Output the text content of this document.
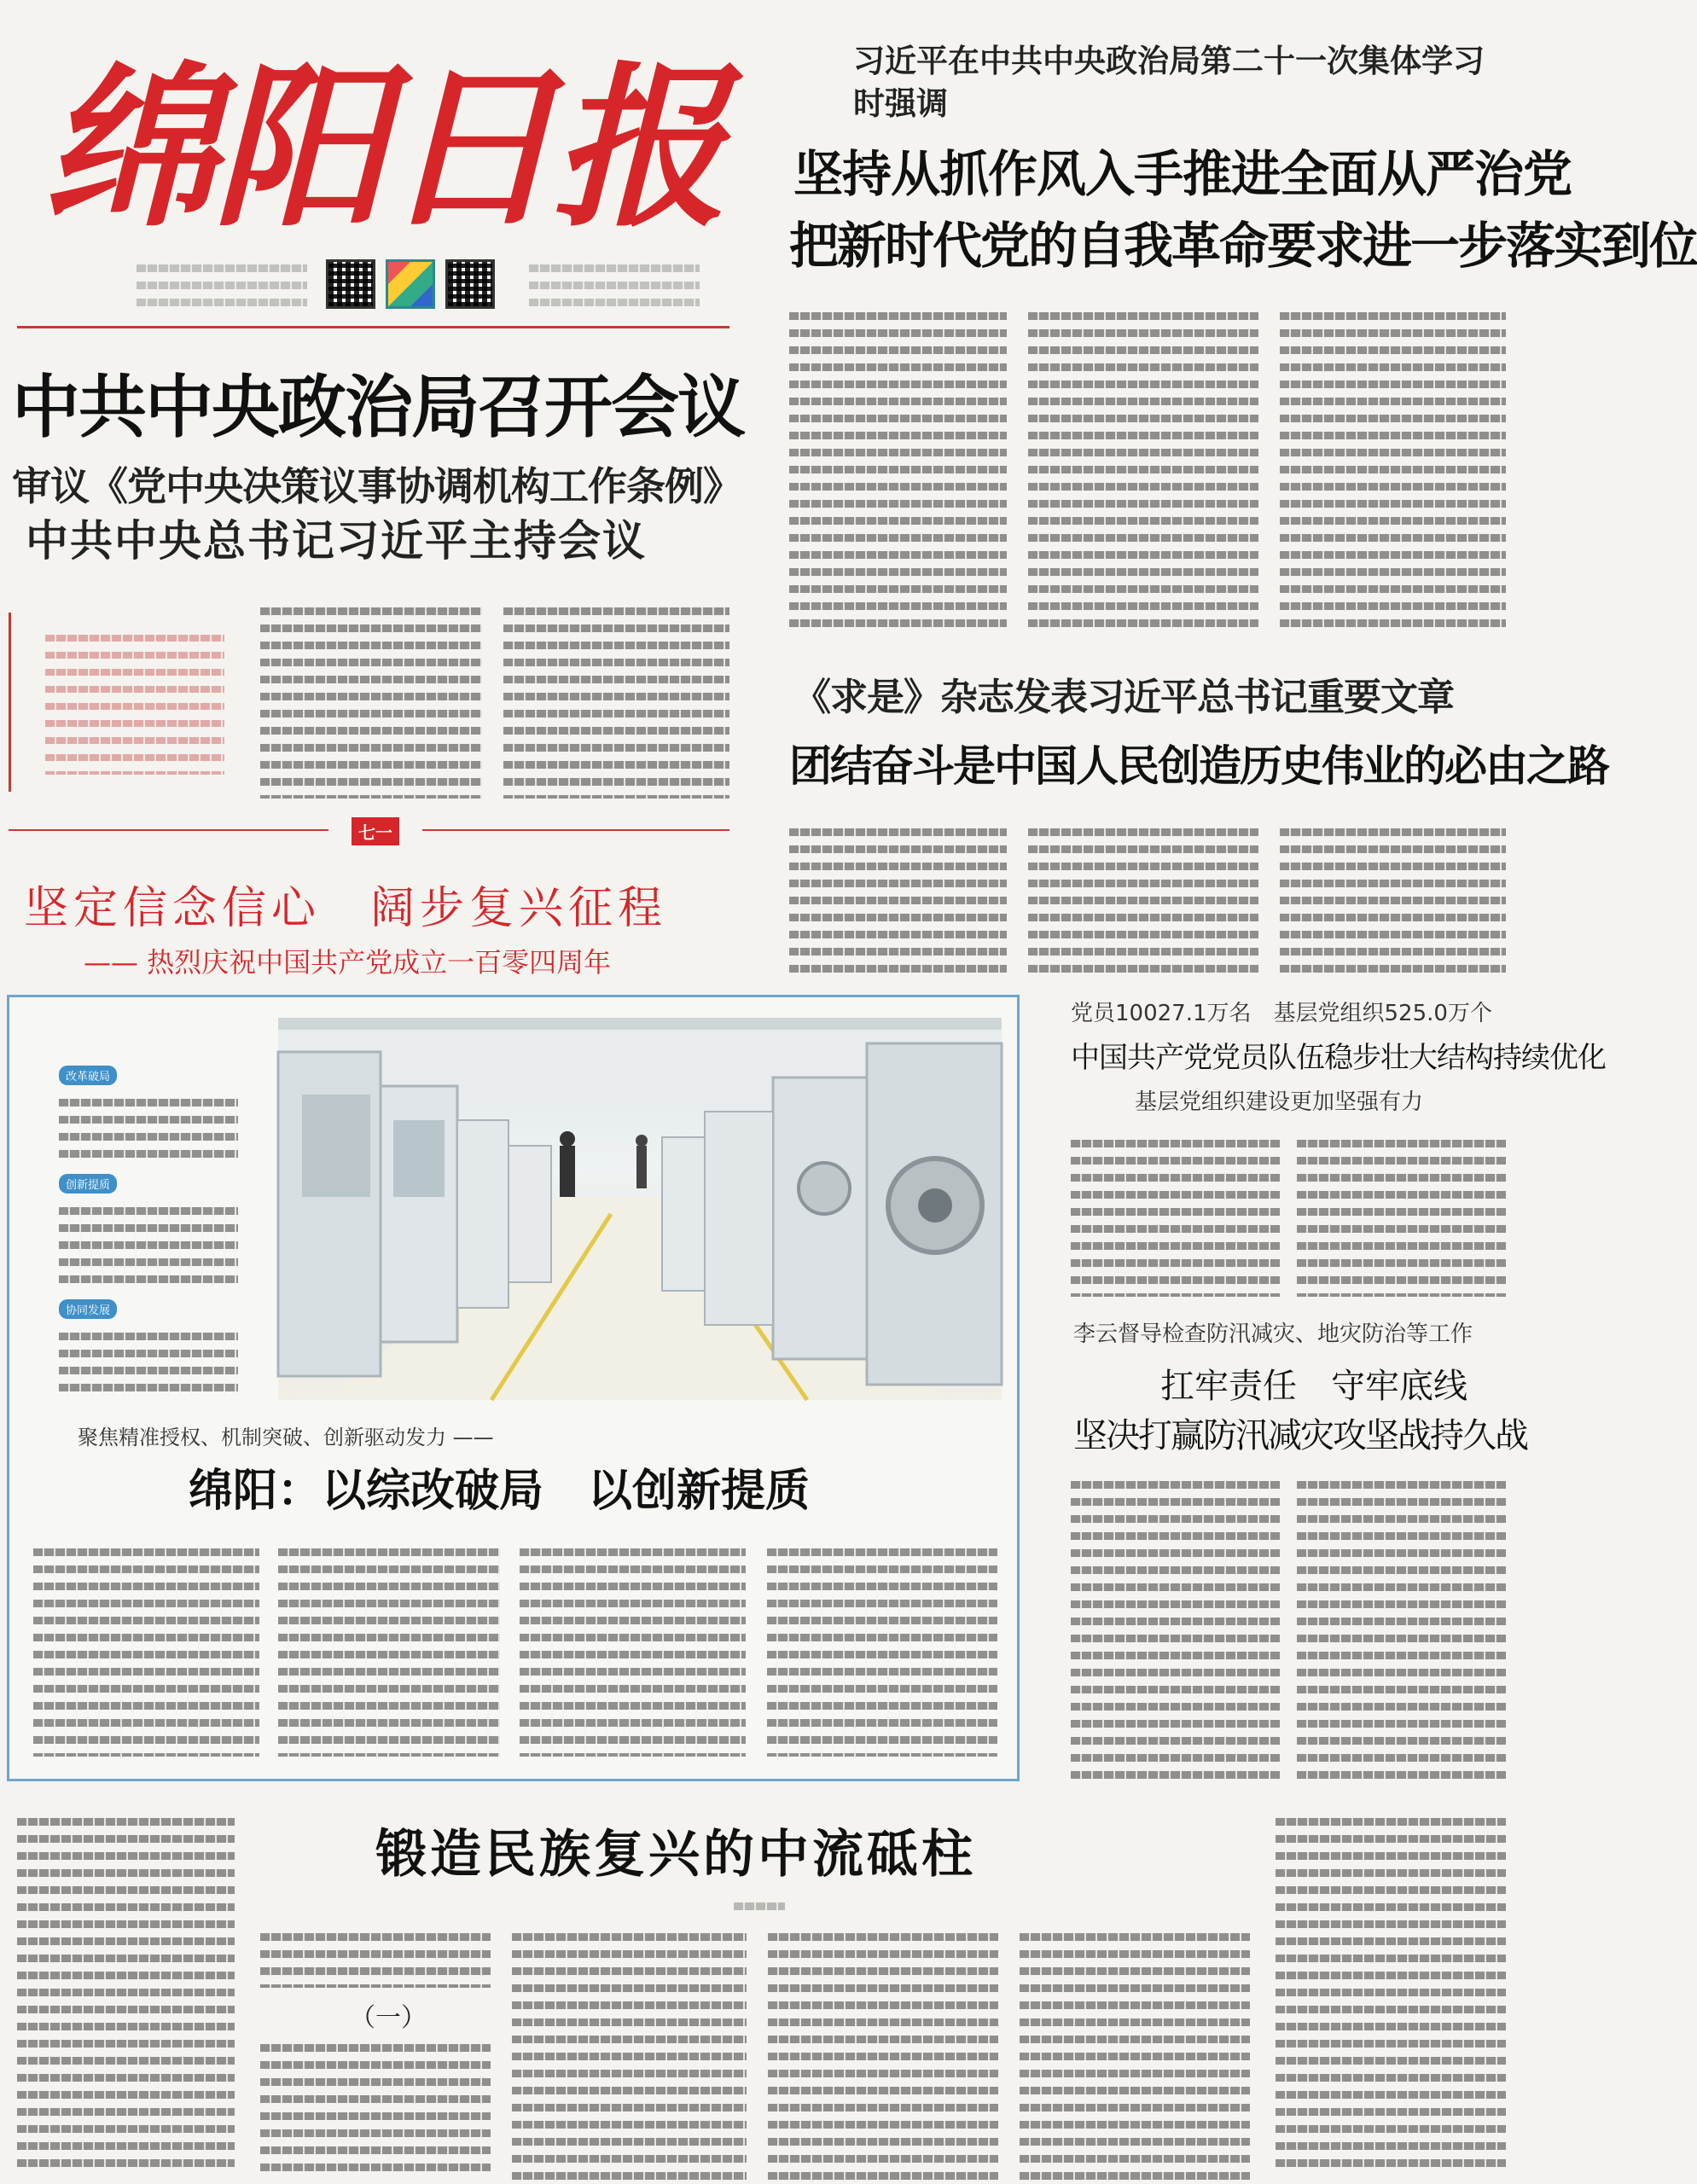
绵阳日报	习近平在中共中央政治局第二十一次集体学习时强调
坚持从抓作风入手推进全面从严治党
把新时代党的自我革命要求进一步落实到位
中共中央政治局召开会议
审议《党中央决策议事协调机构工作条例》
中共中央总书记习近平主持会议
《求是》杂志发表习近平总书记重要文章
团结奋斗是中国人民创造历史伟业的必由之路
七一
坚定信念信心　阔步复兴征程
—— 热烈庆祝中国共产党成立一百零四周年
改革破局
创新提质
协同发展
聚焦精准授权、机制突破、创新驱动发力 ——
绵阳：以综改破局　以创新提质
党员10027.1万名　基层党组织525.0万个
中国共产党党员队伍稳步壮大结构持续优化
基层党组织建设更加坚强有力
李云督导检查防汛减灾、地灾防治等工作
扛牢责任　守牢底线
坚决打赢防汛减灾攻坚战持久战
锻造民族复兴的中流砥柱
（一）
